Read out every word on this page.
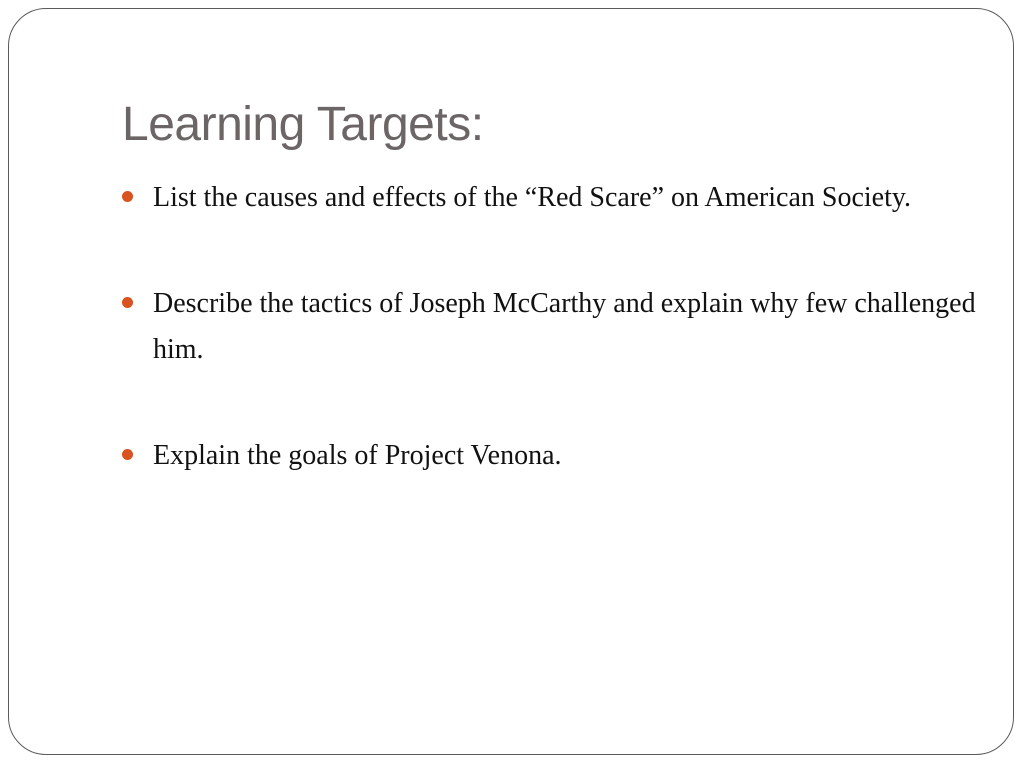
Learning Targets:
List the causes and effects of the “Red Scare” on American Society.
Describe the tactics of Joseph McCarthy and explain why few challenged him.
Explain the goals of Project Venona.
